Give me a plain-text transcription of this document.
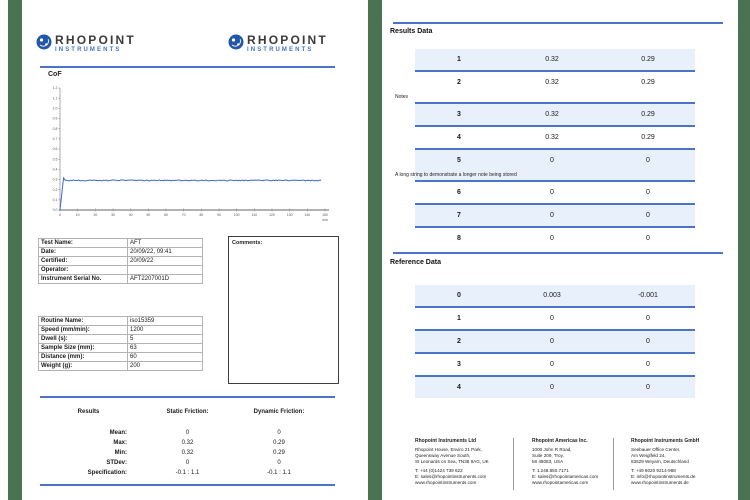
RHOPOINT
INSTRUMENTS
RHOPOINT
INSTRUMENTS
CoF
0.0
0.1
0.2
0.3
0.4
0.5
0.6
0.7
0.8
0.9
1.0
1.1
1.2
0	10	20	30	40	50	60	70	80	90	100	110	120	130	140	150
mm
Test Name:	AFT
Date:	20/09/22, 09:41
Certified:	20/09/22
Operator:	
Instrument Serial No.	AFT2207001D
Comments:
Routine Name:	iso15359
Speed (mm/min):	1200
Dwell (s):	5
Sample Size (mm):	63
Distance (mm):	60
Weight (g):	200
Results	Static Friction:	Dynamic Friction:
Mean:	0	0
Max:	0.32	0.29
Min:	0.32	0.29
STDev:	0	0
Specification:	-0.1 : 1.1	-0.1 : 1.1
Results Data
1	0.32	0.29
2	0.32	0.29
Notes
3	0.32	0.29
4	0.32	0.29
5	0	0
A long string to demonstrate a longer note being stored
6	0	0
7	0	0
8	0	0
Reference Data
0	0.003	-0.001
1	0	0
2	0	0
3	0	0
4	0	0
Rhopoint Instruments Ltd
Rhopoint House, Enviro 21 Park,
Queensway Avenue South,
St Leonards on Sea, TN38 9AG, UK
T: +44 (0)1424 739 622
E: sales@rhopointinstruments.com
www.rhopointinstruments.com
Rhopoint Americas Inc.
1000 John R Road,
Suite 209, Troy,
MI 48083, USA
T: 1.248.850.7171
E: sales@rhopointamericas.com
www.rhopointamericas.com
Rhopoint Instruments GmbH
Seebauer Office Center,
Am Weiglfeld 24,
83629 Weyarn, Deutschland
T: +49 8020 9214-988
E: info@rhopointinstruments.de
www.rhopointinstruments.de
